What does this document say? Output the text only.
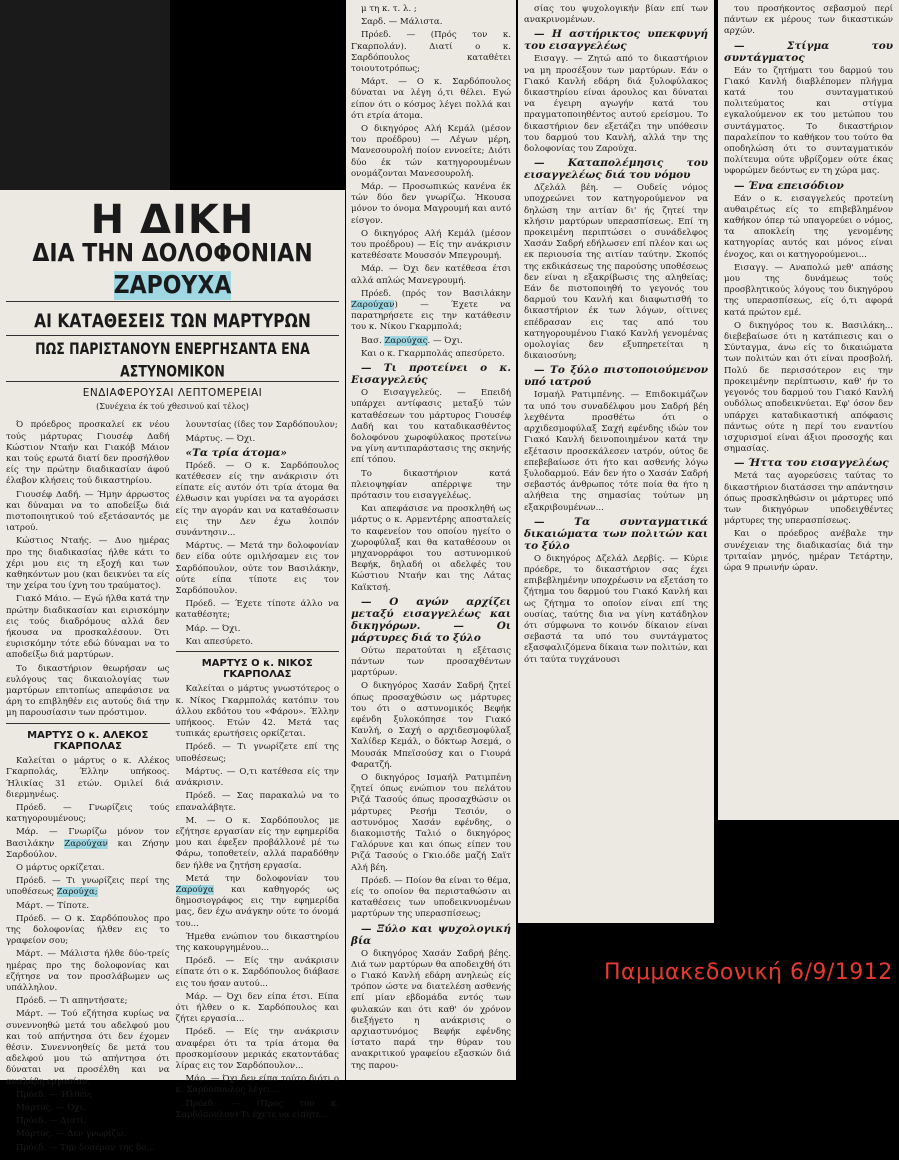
Η ΔΙΚΗ
ΔΙΑ ΤΗΝ ΔΟΛΟΦΟΝΙΑΝ ΖΑΡΟΥΧΑ
ΑΙ ΚΑΤΑΘΕΣΕΙΣ ΤΩΝ ΜΑΡΤΥΡΩΝ
ΠΩΣ ΠΑΡΙΣΤΑΝΟΥΝ ΕΝΕΡΓΗΣΑΝΤΑ ΕΝΑ ΑΣΤΥΝΟΜΙΚΟΝ
ΕΝΔΙΑΦΕΡΟΥΣΑΙ ΛΕΠΤΟΜΕΡΕΙΑΙ
(Συνέχεια έκ τού χθεσινού καί τέλος)

Ό πρόεδρος προσκαλεί εκ νέου τούς μάρτυρας Γιουσέφ Δαδή Κώστιον Νταήν και Γιακόβ Μάιον και τούς ερωτά διατί δεν προσήλθον είς την πρώτην διαδικασίαν άφού έλαβον κλήσεις τού δικαστηρίου.

Γιουσέφ Δαδή. — Ήμην άρρωστος και δύναμαι να το αποδείξω διά πιστοποιητικού τού εξετάσαντός με ιατρού.

Κώστιος Νταής. — Δυο ημέρας προ της διαδικασίας ήλθε κάτι το χέρι μου εις τη εξοχή και των καθηκόντων μου (και δεικνύει τα είς την χείρα του ίχνη του τραύματος).

Γιακό Μάιο. — Εγώ ήλθα κατά την πρώτην διαδικασίαν και ειρισκόμην εις τούς διαδρόμους αλλά δεν ήκουσα να προσκαλέσουν. Ότι ευρισκόμην τότε εδώ δύναμαι να το αποδείξω διά μαρτύρων.

Το δικαστήριον θεωρήσαν ως ευλόγους τας δικαιολογίας των μαρτύρων επιτοπίως απεφάσισε να άρη το επιβληθέν εις αυτούς διά την μη παρουσίασιν των πρόστιμον.

ΜΑΡΤΥΣ Ο κ. ΑΛΕΚΟΣ ΓΚΑΡΠΟΛΑΣ

Καλείται ο μάρτυς ο κ. Αλέκος Γκαρπολάς, Έλλην υπήκοος. Ήλικίας 31 ετών. Ομιλεί διά διερμηνέως.

Πρόεδ. — Γνωρίζεις τούς κατηγορουμένους;

Μάρ. — Γνωρίζω μόνον τον Βασιλάκην Ζαρούχαν και Ζήσην Σαρδούλον.

Ο μάρτυς ορκίζεται.

Πρόεδ. — Τι γνωρίζεις περί της υποθέσεως Ζαρούχα;

Μάρτ. — Τίποτε.

Πρόεδ. — Ο κ. Σαρδόπουλος προ της δολοφονίας ήλθεν εις το γραφείον σου;

Μάρτ. — Μάλιστα ήλθε δύο-τρείς ημέρας προ της δολοφονίας και εζήτησε να τον προσλάβωμεν ως υπάλληλον.

Πρόεδ. — Τι απηντήσατε;

Μάρτ. — Τού εζήτησα κυρίως να συνεννοηθώ μετά του αδελφού μου και τού απήντησα ότι δεν έχομεν θέσιν. Συνεννοηθείς δε μετά του αδελφού μου τώ απήντησα ότι δύναται να προσέλθη και να αναλάβη εργασίαν.

Πρόεδ. — Ήλθεν;

Μάρτυς. — Όχι.

Πρόεδ. — Διατί.

Μάρτυς. — Δεν γνωρίζω.

Πρόεδ. — Την δοσέραν της δο...

λουντσίας (ίδες τον Σαρδόπουλον;

Μάρτυς. — Όχι.

«Τα τρία άτομα»

Πρόεδ. — Ο κ. Σαρδόπουλος κατέθεσεν είς την ανάκρισιν ότι είπατε είς αυτόν ότι τρία άτομα θα έλθωσιν και γυρίσει να τα αγοράσει είς την αγοράν και να καταθέσωσιν εις την Δεν έχω λοιπόν συνάντησιν...

Μάρτυς. — Μετά την δολοφονίαν δεν είδα ούτε ομιλήσαμεν εις τον Σαρδόπουλον, ούτε τον Βασιλάκην, ούτε είπα τίποτε εις τον Σαρδόπουλον.

Πρόεδ. — Έχετε τίποτε άλλο να καταθέσητε;

Μάρ. — Όχι.

Και απεσύρετο.

ΜΑΡΤΥΣ Ο κ. ΝΙΚΟΣ ΓΚΑΡΠΟΛΑΣ

Καλείται ο μάρτυς γνωστότερος ο κ. Νίκος Γκαρμπολάς κατόπιν του άλλου εκδότου του «Φάρου». Έλλην υπήκοος. Ετών 42. Μετά τας τυπικάς ερωτήσεις ορκίζεται.

Πρόεδ. — Τι γνωρίζετε επί της υποθέσεως;

Μάρτυς. — Ο,τι κατέθεσα είς την ανάκρισιν.

Πρόεδ. — Σας παρακαλώ να το επαναλάβητε.

Μ. — Ο κ. Σαρδόπουλος με εζήτησε εργασίαν είς την εφημερίδα μου και έφεξεν προβάλλονέ μέ τω Φάρω, τοποθετείν, αλλά παραδόθην δεν ήλθε να ζητήση εργασία.

Μετά την δολοφονίαν του Ζαρούχα και καθηγορός ως δημοσιογράφος εις την εφημερίδα μας, δεν έχω ανάγκην ούτε το όνομά του...

Ήμεθα ενώπιον του δικαστηρίου της κακουργημένου...

Πρόεδ. — Είς την ανάκρισιν είπατε ότι ο κ. Σαρδόπουλος διάβασε εις του ήσαν αυτού...

Μάρ. — Όχι δεν είπα έτσι. Είπα ότι ήλθεν ο κ. Σαρδόπουλος και ζήτει εργασία...

Πρόεδ. — Είς την ανάκρισιν αναφέρει ότι τα τρία άτομα θα προσκομίσουν μερικάς εκατοντάδας λίρας εις τον Σαρδόπουλον...

Μάρ. — Όχι δεν είπα τούτο διότι ο κ. Σαρδόπουλος λέγει...

Πρόεδ. — (Προς τον κ. Σαρδόπουλον) Τι έχετε να είπητε...

μ τη κ. τ. λ. ;

Σαρδ. — Μάλιστα.

Πρόεδ. — (Πρός τον κ. Γκαρπολάν). Διατί ο κ. Σαρδόπουλος καταθέτει τοιουτοτρόπως;

Μάρτ. — Ο κ. Σαρδόπουλος δύναται να λέγη ό,τι θέλει. Εγώ είπον ότι ο κόσμος λέγει πολλά και ότι ετρία άτομα.

Ο δικηγόρος Αλή Κεμάλ (μέσον του προέδρου) — Λέγων μέρη, Μανεσουρολή ποίον εννοείτε; Διότι δύο έκ τών κατηγορουμένων ονομάζονται Μανεσουρολή.

Μάρ. — Προσωπικώς κανένα έκ τών δύο δεν γνωρίζω. Ήκουσα μόνον το όνομα Μαγρουμή και αυτό είσγον.

Ο δικηγόρος Αλή Κεμάλ (μέσον του προέδρου) — Είς την ανάκρισιν κατεθέσατε Μουσσόν Μπεγρουμή.

Μάρ. — Όχι δεν κατέθεσα έτσι αλλά απλώς Μανεγρουμή.

Πρόεδ. (πρός τον Βασιλάκην Ζαρούχαν) — Έχετε να παρατηρήσετε εις την κατάθεσιν του κ. Νίκου Γκαρμπολά;

Βασ. Ζαρούχας. — Όχι.

Και ο κ. Γκαρμπολάς απεσύρετο.

— Τι προτείνει ο κ. Εισαγγελεύς

Ο Εισαγγελεύς. — Επειδή υπάρχει αντίφασις μεταξύ τών καταθέσεων του μάρτυρος Γιουσέφ Δαδή και του καταδικασθέντος δολοφόνου χωροφύλακος προτείνω να γίνη αντιπαράστασις της σκηνής επί τόπου.

Το δικαστήριον κατά πλειοψηφίαν απέρριψε την πρότασιν του εισαγγελέως.

Και απεφάσισε να προσκληθή ως μάρτυς ο κ. Αρμεντέρης αποσταλείς το καφενείον του οποίου ηγείτο ο χωροφύλαξ και θα καταθέσουν οι μηχανορράφοι του αστυνομικού Βεφήκ, δηλαδή οι αδελφές του Κώστιου Νταήν και της Λάτας Καϊκτσή.

— Ο αγών αρχίζει μεταξύ εισαγγελέως και δικηγόρων. — Οι μάρτυρες διά το ξύλο

Ούτω περατούται η εξέτασις πάντων των προσαχθέντων μαρτύρων.

Ο δικηγόρος Χασάν Σαδρή ζητεί όπως προσαχθώσιν ως μάρτυρες του ότι ο αστυνομικός Βεφήκ εφένδη ξυλοκόπησε τον Γιακό Κανλή, ο Σαχή ο αρχιδεσμοφύλαξ Χαλίδερ Κεμάλ, ο δόκτωρ Άσεμά, ο Μουσάκ Μπεϊσούσχ και ο Γιουρά Φαρατζή.

Ο δικηγόρος Ισμαήλ Ρατιμπένη ζητεί όπως ενώπιον του πελάτου Ριζά Τασούς όπως προσαχθώσιν οι μάρτυρες Ρεσήμ Τεσιόν, ο αστυνόμος Χασάν εφένδης, ο διακομιστής Ταλιό ο δικηγόρος Γαλόρυνε και και όπως είπεν του Ριζά Τασούς ο Γκιο.όδε μαζή Σαϊτ Αλή βέη.

Πρόεδ. — Ποίον θα είναι το θέμα, είς το οποίον θα περισταθώσιν αι καταθέσεις των υποδεικνυομένων μαρτύρων της υπερασπίσεως;

— Ξύλο και ψυχολογική βία

Ο δικηγόρος Χασάν Σαδρή βέης. Διά των μαρτύρων θα αποδειχθή ότι ο Γιακό Κανλή εδάρη ανηλεώς είς τρόπον ώστε να διατελέση ασθενής επί μίαν εβδομάδα εντός των φυλακών και ότι καθ' όν χρόνον διεξήγετο η ανάκρισις ο αρχιαστυνόμος Βεφήκ εφένδης ίστατο παρά την θύραν του ανακριτικού γραφείου εξασκών διά της παρου-

σίας του ψυχολογικήν βίαν επί των ανακρινομένων.

— Η αστήρικτος υπεκφυγή του εισαγγελέως

Εισαγγ. — Ζητώ από το δικαστήριον να μη προσέξουν των μαρτύρων. Εάν ο Γιακό Κανλή εδάρη διά ξυλοφύλακος δικαστηρίου είναι άρουλος και δύναται να έγειρη αγωγήν κατά του πραγματοποιηθέντος αυτού ερείσμου. Το δικαστήριον δεν εξετάζει την υπόθεσιν του δαρμού του Κανλή, αλλά την της δολοφονίας του Ζαρούχα.

— Καταπολέμησις του εισαγγελέως διά του νόμου

Δζελάλ βέη. — Ουδείς νόμος υποχρεώνει τον κατηγορούμενον να δηλώση την αιτίαν δι' ής ζητεί την κλήσιν μαρτύρων υπερασπίσεως. Επί τη προκειμένη περιπτώσει ο συνάδελφος Χασάν Σαδρή εδήλωσεν επί πλέον και ως εκ περιουσία της αιτίαν ταύτην. Σκοπός της εκδικάσεως της παρούσης υποθέσεως δεν είναι η εξακρίβωσις της αληθείας; Εάν δε πιστοποιηθή το γεγονός του δαρμού του Κανλή και διαφωτισθή το δικαστήριον έκ των λόγων, οίτινες επέδρασαν εις τας από του κατηγορουμένου Γιακό Κανλή γενομένας ομολογίας δεν εξυπηρετείται η δικαιοσύνη;

— Το ξύλο πιστοποιούμενον υπό ιατρού

Ισμαήλ Ρατιμπένης. — Επιδοκιμάζων τα υπό του συναδέλφου μου Σαδρή βέη λεχθέντα προσθέτω ότι ο αρχιδεσμοφύλαξ Σαχή εφένδης ιδών τον Γιακό Κανλή δεινοποιημένον κατά την εξέτασιν προσεκάλεσεν ιατρόν, ούτος δε επεβεβαίωσε ότι ήτο και ασθενής λόγω ξυλοδαρμού. Εάν δεν ήτο ο Χασάν Σαδρή σεβαστός άνθρωπος τότε ποία θα ήτο η αλήθεια της σημασίας τούτων μη εξακριβουμένων...

— Τα συνταγματικά δικαιώματα των πολιτών και το ξύλο

Ο δικηγόρος Δζελάλ Δερβίς. — Κύριε πρόεδρε, το δικαστήριον σας έχει επιβεβλημένην υποχρέωσιν να εξετάση το ζήτημα του δαρμού του Γιακό Κανλή και ως ζήτημα το οποίον είναι επί της ουσίας, ταύτης δια να γίνη κατάδηλον ότι σύμφωνα το κοινόν δίκαιον είναι σεβαστά τα υπό του συντάγματος εξασφαλιζόμενα δίκαια των πολιτών, και ότι ταύτα τυγχάνουσι

του προσήκοντος σεβασμού περί πάντων εκ μέρους των δικαστικών αρχών.

— Στίγμα του συντάγματος

Εάν το ζητήματι του δαρμού του Γιακό Κανλή διαβλέπομεν πλήγμα κατά του συνταγματικού πολιτεύματος και στίγμα εγκαλούμενον εκ του μετώπου του συντάγματος. Το δικαστήριον παραλείπον το καθήκον του τούτο θα οποδηλώση ότι το συνταγματικόν πολίτευμα ούτε υβρίζομεν ούτε έκας υφορώμεν δεόντως εν τη χώρα μας.

— Ένα επεισόδιον

Εάν ο κ. εισαγγελεύς προτείνη αυθαιρέτως είς το επιβεβλημένον καθήκον όπερ τώ υπαγορεύει ο νόμος, τα αποκλείη της γενομένης κατηγορίας αυτός και μόνος είναι ένοχος, και οι κατηγορούμενοι...

Εισαγγ. — Αναπολώ μεθ' απάσης μου της δυνάμεως τούς προσβλητικούς λόγους του δικηγόρου της υπερασπίσεως, είς ό,τι αφορά κατά πρώτον εμέ.

Ο δικηγόρος του κ. Βασιλάκη... διεβεβαίωσε ότι η κατάπιεσις και ο Σύνταγμα, άνω είς το δικαιώματα των πολιτών και ότι είναι προσβολή. Πολύ δε περισσότερον εις την προκειμένην περίπτωσιν, καθ' ήν το γεγονός του δαρμού του Γιακό Κανλή ουδόλως αποδεικνύεται. Εφ' όσον δεν υπάρχει καταδικαστική απόφασις πάντως ούτε η περί του εναντίου ισχυρισμοί είναι άξιοι προσοχής και σημασίας.

— Ήττα του εισαγγελέως

Μετά τας αγορεύσεις ταύτας το δικαστήριον διατάσσει την απάντησιν όπως προσκληθώσιν οι μάρτυρες υπό των δικηγόρων υποδειχθέντες μάρτυρες της υπερασπίσεως.

Και ο πρόεδρος ανέβαλε την συνέχειαν της διαδικασίας διά την τριταίαν μηνός, ημέραν Τετάρτην, ώρα 9 πρωινήν ώραν.

Παμμακεδονική 6/9/1912
